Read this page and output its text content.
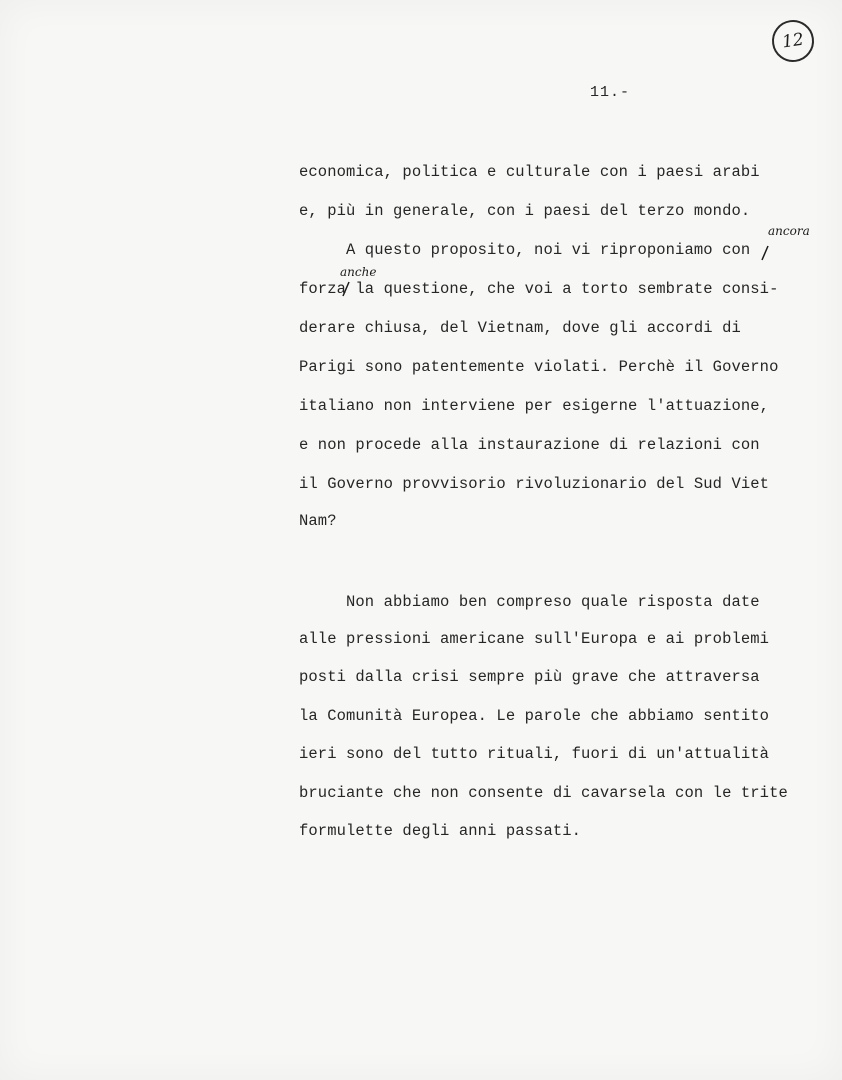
12
11.-
economica, politica e culturale con i paesi arabi
e, più in generale, con i paesi del terzo mondo.
A questo proposito, noi vi riproponiamo con
forza la questione, che voi a torto sembrate consi-
derare chiusa, del Vietnam, dove gli accordi di
Parigi sono patentemente violati. Perchè il Governo
italiano non interviene per esigerne l'attuazione,
e non procede alla instaurazione di relazioni con
il Governo provvisorio rivoluzionario del Sud Viet
Nam?
ancora
anche
Non abbiamo ben compreso quale risposta date
alle pressioni americane sull'Europa e ai problemi
posti dalla crisi sempre più grave che attraversa
la Comunità Europea. Le parole che abbiamo sentito
ieri sono del tutto rituali, fuori di un'attualità
bruciante che non consente di cavarsela con le trite
formulette degli anni passati.
